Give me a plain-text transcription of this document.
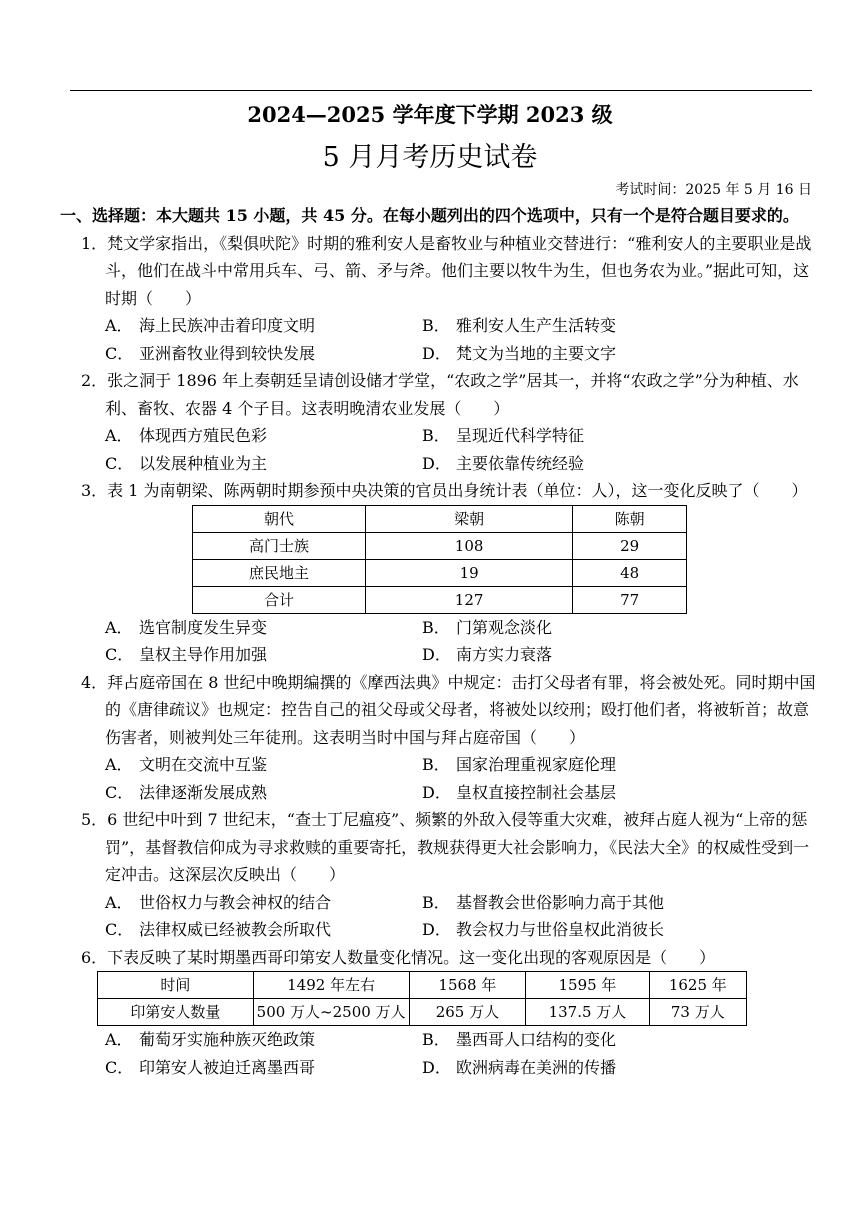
2024—2025 学年度下学期 2023 级
5 月月考历史试卷
考试时间：2025 年 5 月 16 日
一、选择题：本大题共 15 小题，共 45 分。在每小题列出的四个选项中，只有一个是符合题目要求的。
1．梵文学家指出，《梨俱吠陀》时期的雅利安人是畜牧业与种植业交替进行：“雅利安人的主要职业是战斗，他们在战斗中常用兵车、弓、箭、矛与斧。他们主要以牧牛为生，但也务农为业。”据此可知，这时期（　　）
A． 海上民族冲击着印度文明	B． 雅利安人生产生活转变
C． 亚洲畜牧业得到较快发展	D． 梵文为当地的主要文字
2．张之洞于 1896 年上奏朝廷呈请创设储才学堂，“农政之学”居其一，并将“农政之学”分为种植、水利、畜牧、农器 4 个子目。这表明晚清农业发展（　　）
A． 体现西方殖民色彩	B． 呈现近代科学特征
C． 以发展种植业为主	D． 主要依靠传统经验
3．表 1 为南朝梁、陈两朝时期参预中央决策的官员出身统计表（单位：人），这一变化反映了（　　）
朝代	梁朝	陈朝
高门士族	108	29
庶民地主	19	48
合计	127	77
A． 选官制度发生异变	B． 门第观念淡化
C． 皇权主导作用加强	D． 南方实力衰落
4．拜占庭帝国在 8 世纪中晚期编撰的《摩西法典》中规定：击打父母者有罪，将会被处死。同时期中国的《唐律疏议》也规定：控告自己的祖父母或父母者，将被处以绞刑；殴打他们者，将被斩首；故意伤害者，则被判处三年徒刑。这表明当时中国与拜占庭帝国（　　）
A． 文明在交流中互鉴	B． 国家治理重视家庭伦理
C． 法律逐渐发展成熟	D． 皇权直接控制社会基层
5．6 世纪中叶到 7 世纪末，“查士丁尼瘟疫”、频繁的外敌入侵等重大灾难，被拜占庭人视为“上帝的惩罚”，基督教信仰成为寻求救赎的重要寄托，教规获得更大社会影响力，《民法大全》的权威性受到一定冲击。这深层次反映出（　　）
A． 世俗权力与教会神权的结合	B． 基督教会世俗影响力高于其他
C． 法律权威已经被教会所取代	D． 教会权力与世俗皇权此消彼长
6．下表反映了某时期墨西哥印第安人数量变化情况。这一变化出现的客观原因是（　　）
时间	1492 年左右	1568 年	1595 年	1625 年
印第安人数量	500 万人~2500 万人	265 万人	137.5 万人	73 万人
A． 葡萄牙实施种族灭绝政策	B． 墨西哥人口结构的变化
C． 印第安人被迫迁离墨西哥	D． 欧洲病毒在美洲的传播
